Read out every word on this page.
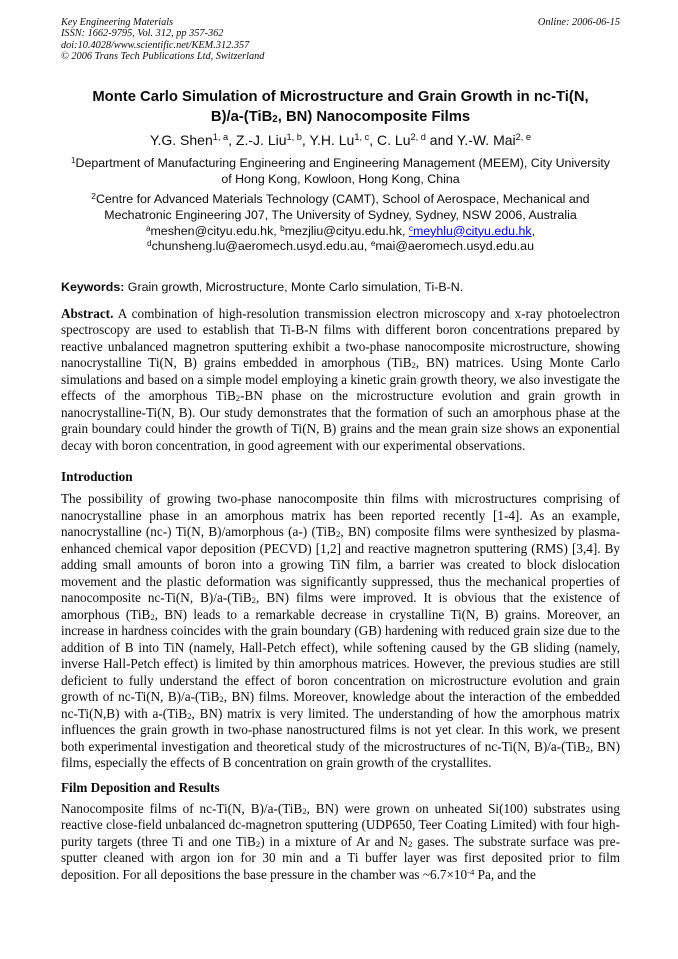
Key Engineering Materials
ISSN: 1662-9795, Vol. 312, pp 357-362
doi:10.4028/www.scientific.net/KEM.312.357
© 2006 Trans Tech Publications Ltd, Switzerland
Online: 2006-06-15
Monte Carlo Simulation of Microstructure and Grain Growth in nc-Ti(N,
B)/a-(TiB$_2$, BN) Nanocomposite Films
Y.G. Shen$^{1, a}$, Z.-J. Liu$^{1, b}$, Y.H. Lu$^{1, c}$, C. Lu$^{2, d}$ and Y.-W. Mai$^{2, e}$
$^1$Department of Manufacturing Engineering and Engineering Management (MEEM), City University
of Hong Kong, Kowloon, Hong Kong, China
$^2$Centre for Advanced Materials Technology (CAMT), School of Aerospace, Mechanical and
Mechatronic Engineering J07, The University of Sydney, Sydney, NSW 2006, Australia
$^a$meshen@cityu.edu.hk, $^b$mezjliu@cityu.edu.hk, $^c$meyhlu@cityu.edu.hk,
$^d$chunsheng.lu@aeromech.usyd.edu.au, $^e$mai@aeromech.usyd.edu.au

Keywords: Grain growth, Microstructure, Monte Carlo simulation, Ti-B-N.

Abstract. A combination of high-resolution transmission electron microscopy and x-ray photoelectron spectroscopy are used to establish that Ti-B-N films with different boron concentrations prepared by reactive unbalanced magnetron sputtering exhibit a two-phase nanocomposite microstructure, showing nanocrystalline Ti(N, B) grains embedded in amorphous (TiB$_2$, BN) matrices. Using Monte Carlo simulations and based on a simple model employing a kinetic grain growth theory, we also investigate the effects of the amorphous TiB$_2$-BN phase on the microstructure evolution and grain growth in nanocrystalline-Ti(N, B). Our study demonstrates that the formation of such an amorphous phase at the grain boundary could hinder the growth of Ti(N, B) grains and the mean grain size shows an exponential decay with boron concentration, in good agreement with our experimental observations.

Introduction

The possibility of growing two-phase nanocomposite thin films with microstructures comprising of nanocrystalline phase in an amorphous matrix has been reported recently [1-4]. As an example, nanocrystalline (nc-) Ti(N, B)/amorphous (a-) (TiB$_2$, BN) composite films were synthesized by plasma-enhanced chemical vapor deposition (PECVD) [1,2] and reactive magnetron sputtering (RMS) [3,4]. By adding small amounts of boron into a growing TiN film, a barrier was created to block dislocation movement and the plastic deformation was significantly suppressed, thus the mechanical properties of nanocomposite nc-Ti(N, B)/a-(TiB$_2$, BN) films were improved. It is obvious that the existence of amorphous (TiB$_2$, BN) leads to a remarkable decrease in crystalline Ti(N, B) grains. Moreover, an increase in hardness coincides with the grain boundary (GB) hardening with reduced grain size due to the addition of B into TiN (namely, Hall-Petch effect), while softening caused by the GB sliding (namely, inverse Hall-Petch effect) is limited by thin amorphous matrices. However, the previous studies are still deficient to fully understand the effect of boron concentration on microstructure evolution and grain growth of nc-Ti(N, B)/a-(TiB$_2$, BN) films. Moreover, knowledge about the interaction of the embedded nc-Ti(N,B) with a-(TiB$_2$, BN) matrix is very limited. The understanding of how the amorphous matrix influences the grain growth in two-phase nanostructured films is not yet clear. In this work, we present both experimental investigation and theoretical study of the microstructures of nc-Ti(N, B)/a-(TiB$_2$, BN) films, especially the effects of B concentration on grain growth of the crystallites.

Film Deposition and Results

Nanocomposite films of nc-Ti(N, B)/a-(TiB$_2$, BN) were grown on unheated Si(100) substrates using reactive close-field unbalanced dc-magnetron sputtering (UDP650, Teer Coating Limited) with four high-purity targets (three Ti and one TiB$_2$) in a mixture of Ar and $N_2$ gases. The substrate surface was pre-sputter cleaned with argon ion for 30 min and a Ti buffer layer was first deposited prior to film deposition. For all depositions the base pressure in the chamber was $\sim 6.7\times 10^{-4}$ Pa, and the
